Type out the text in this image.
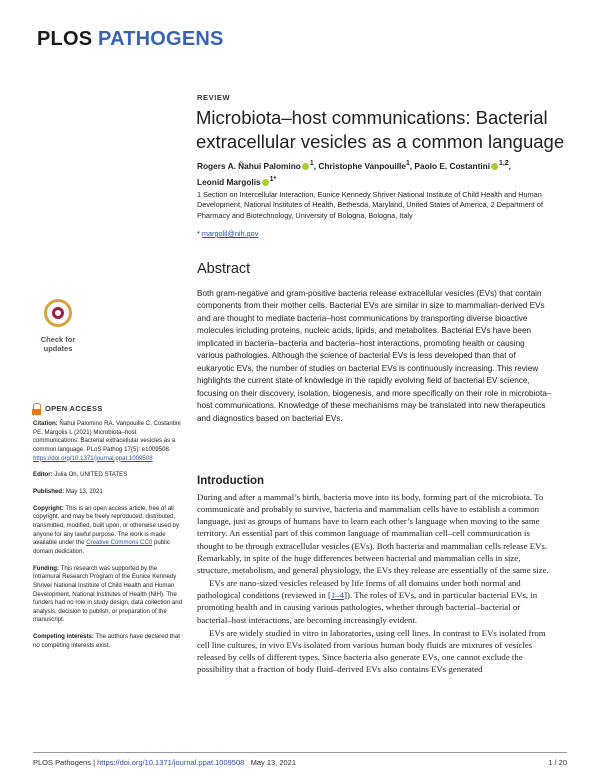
PLOS PATHOGENS
REVIEW
Microbiota–host communications: Bacterial extracellular vesicles as a common language
Rogers A. Ñahui Palomino $^1$, Christophe Vanpouille$^1$, Paolo E. Costantini $^{1,2}$,
Leonid Margolis $^{1*}$
1 Section on Intercellular Interaction, Eunice Kennedy Shriver National Institute of Child Health and Human Development, National Institutes of Health, Bethesda, Maryland, United States of America, 2 Department of Pharmacy and Biotechnology, University of Bologna, Bologna, Italy
* margolil@nih.gov
Abstract
Both gram-negative and gram-positive bacteria release extracellular vesicles (EVs) that contain components from their mother cells. Bacterial EVs are similar in size to mammalian-derived EVs and are thought to mediate bacteria–host communications by transporting diverse bioactive molecules including proteins, nucleic acids, lipids, and metabolites. Bacterial EVs have been implicated in bacteria–bacteria and bacteria–host interactions, promoting health or causing various pathologies. Although the science of bacterial EVs is less developed than that of eukaryotic EVs, the number of studies on bacterial EVs is continuously increasing. This review highlights the current state of knowledge in the rapidly evolving field of bacterial EV science, focusing on their discovery, isolation, biogenesis, and more specifically on their role in microbiota–host communications. Knowledge of these mechanisms may be translated into new therapeutics and diagnostics based on bacterial EVs.
Check for
updates
OPEN ACCESS

Citation: Ñahui Palomino RA, Vanpouille C, Costantini PE, Margolis L (2021) Microbiota–host communications: Bacterial extracellular vesicles as a common language. PLoS Pathog 17(5): e1009508. https://doi.org/10.1371/journal.ppat.1009508

Editor: Julia Oh, UNITED STATES

Published: May 13, 2021

Copyright: This is an open access article, free of all copyright, and may be freely reproduced, distributed, transmitted, modified, built upon, or otherwise used by anyone for any lawful purpose. The work is made available under the Creative Commons CC0 public domain dedication.

Funding: This research was supported by the Intramural Research Program of the Eunice Kennedy Shriver National Institute of Child Health and Human Development, National Institutes of Health (NIH). The funders had no role in study design, data collection and analysis, decision to publish, or preparation of the manuscript.

Competing interests: The authors have declared that no competing interests exist.

Introduction

During and after a mammal’s birth, bacteria move into its body, forming part of the microbiota. To communicate and probably to survive, bacteria and mammalian cells have to establish a common language, just as groups of humans have to learn each other’s language when moving to the same territory. An essential part of this common language of mammalian cell–cell communication is thought to be through extracellular vesicles (EVs). Both bacteria and mammalian cells release EVs. Remarkably, in spite of the huge differences between bacterial and mammalian cells in size, structure, metabolism, and general physiology, the EVs they release are essentially of the same size.

EVs are nano-sized vesicles released by life forms of all domains under both normal and pathological conditions (reviewed in [1–4]). The roles of EVs, and in particular bacterial EVs, in promoting health and in causing various pathologies, whether through bacterial–bacterial or bacterial–host interactions, are becoming increasingly evident.

EVs are widely studied in vitro in laboratories, using cell lines. In contrast to EVs isolated from cell line cultures, in vivo EVs isolated from various human body fluids are mixtures of vesicles released by cells of different types. Since bacteria also generate EVs, one cannot exclude the possibility that a fraction of body fluid–derived EVs also contains EVs generated

PLOS Pathogens | https://doi.org/10.1371/journal.ppat.1009508 May 13, 2021	1 / 20
